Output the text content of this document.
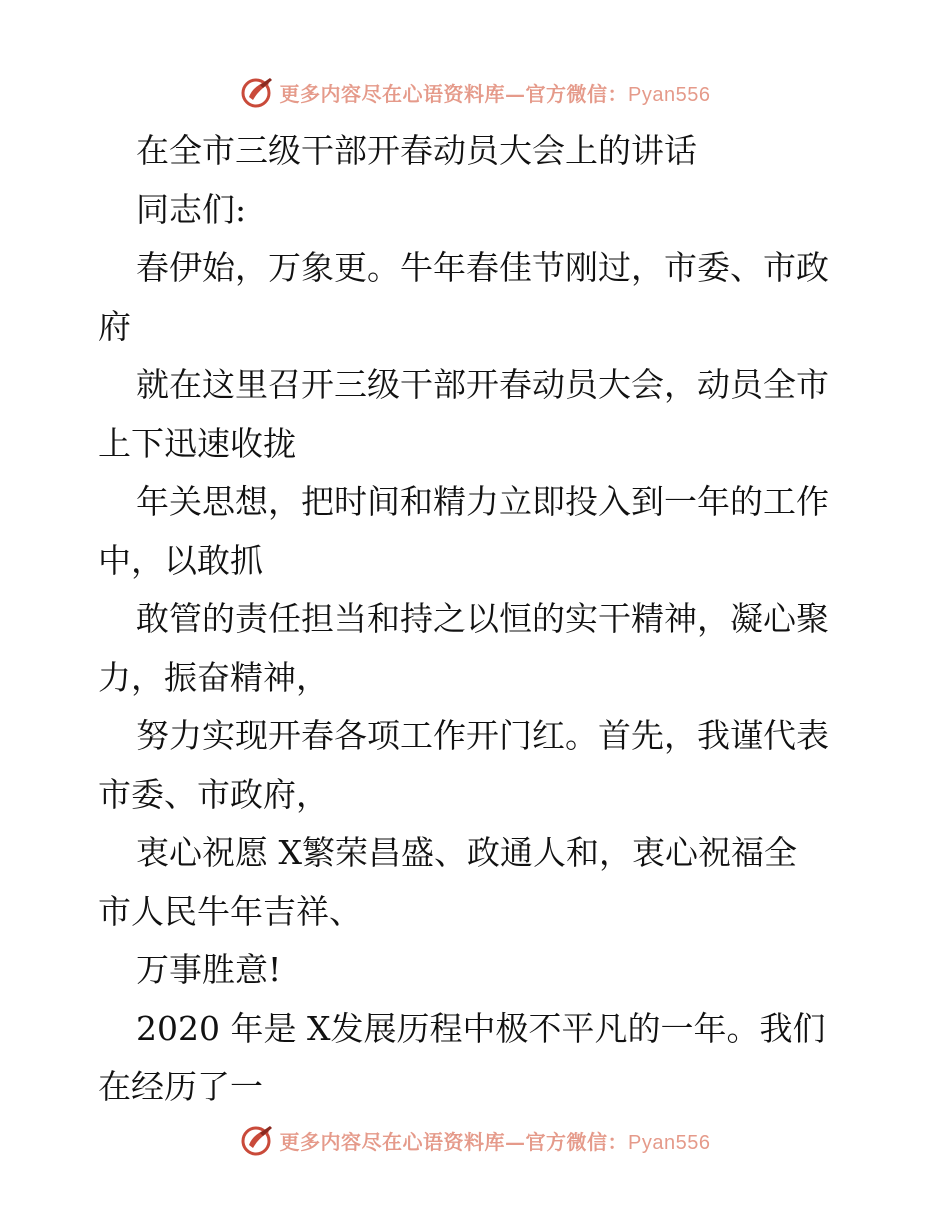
更多内容尽在心语资料库—官方微信：Pyan556
在全市三级干部开春动员大会上的讲话
同志们:
春伊始，万象更。牛年春佳节刚过，市委、市政
府
就在这里召开三级干部开春动员大会，动员全市
上下迅速收拢
年关思想，把时间和精力立即投入到一年的工作
中，以敢抓
敢管的责任担当和持之以恒的实干精神，凝心聚
力，振奋精神，
努力实现开春各项工作开门红。首先，我谨代表
市委、市政府，
衷心祝愿 X繁荣昌盛、政通人和，衷心祝福全
市人民牛年吉祥、
万事胜意!
2020 年是 X发展历程中极不平凡的一年。我们
在经历了一
更多内容尽在心语资料库—官方微信：Pyan556
